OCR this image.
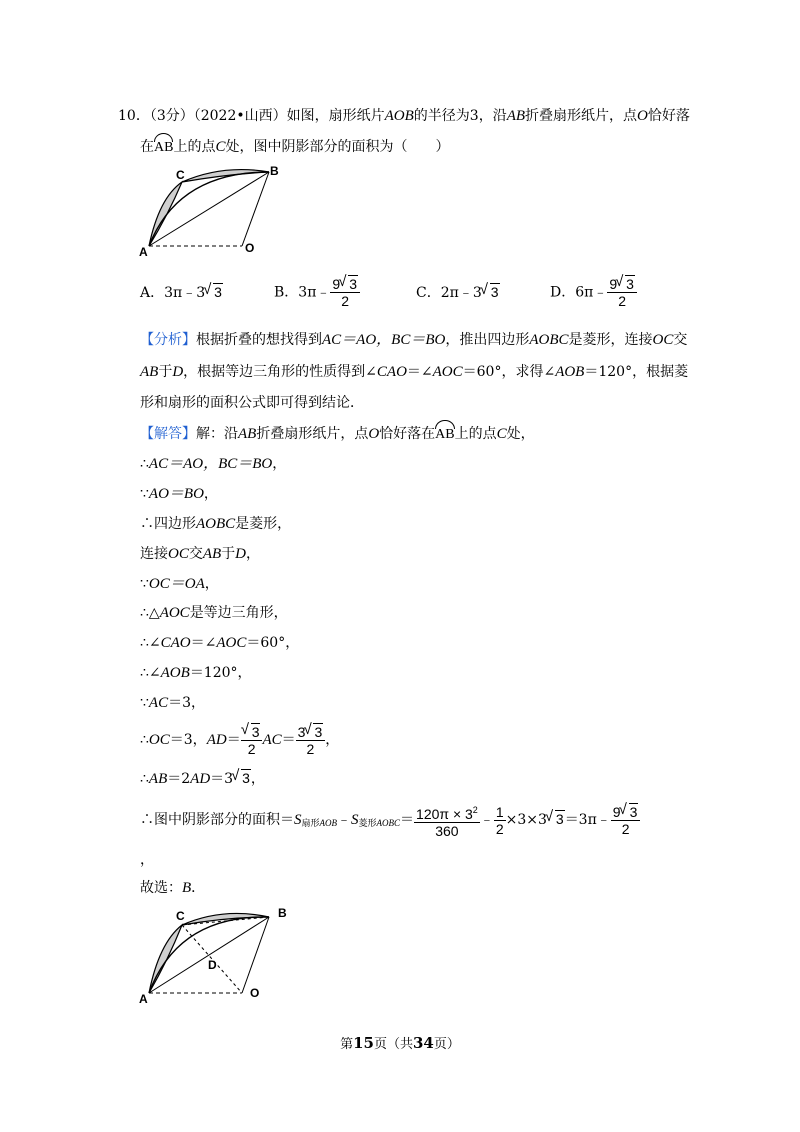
10．（3分）（2022•山西）如图，扇形纸片AOB的半径为3，沿AB折叠扇形纸片，点O恰好落
在AB上的点C处，图中阴影部分的面积为（　　）
A
C	B
O
A．3π﹣3√ 3	B．3π﹣ $\frac{9√ 3}{2}$	C．2π﹣3√ 3	D．6π﹣ $\frac{9√ 3}{2}$
【分析】根据折叠的想找得到AC＝AO，BC＝BO，推出四边形AOBC是菱形，连接OC交
AB于D，根据等边三角形的性质得到∠CAO＝∠AOC＝60°，求得∠AOB＝120°，根据菱
形和扇形的面积公式即可得到结论．
【解答】解：沿AB折叠扇形纸片，点O恰好落在AB上的点C处，
∴AC＝AO，BC＝BO，
∵AO＝BO，
∴四边形AOBC是菱形，
连接OC交AB于D，
∵OC＝OA，
∴△AOC是等边三角形，
∴∠CAO＝∠AOC＝60°，
∴∠AOB＝120°，
∵AC＝3，
∴OC＝3，AD＝
√ $\frac{3}{2} AC= \frac{3√ 3}{2}$ ，
∴AB＝2AD＝3√ 3，
∴图中阴影部分的面积$=S_{扇形AOB}﹣S_{菱形AOBC}= \frac{120\pi \times 3^2}{360}$ ﹣ $\frac{1}{2} \times 3\times 3√$ 3＝3π﹣ $\frac{9√ 3}{2}$
，
故选：B．
A
C	B
O
D
第15页（共34页）
